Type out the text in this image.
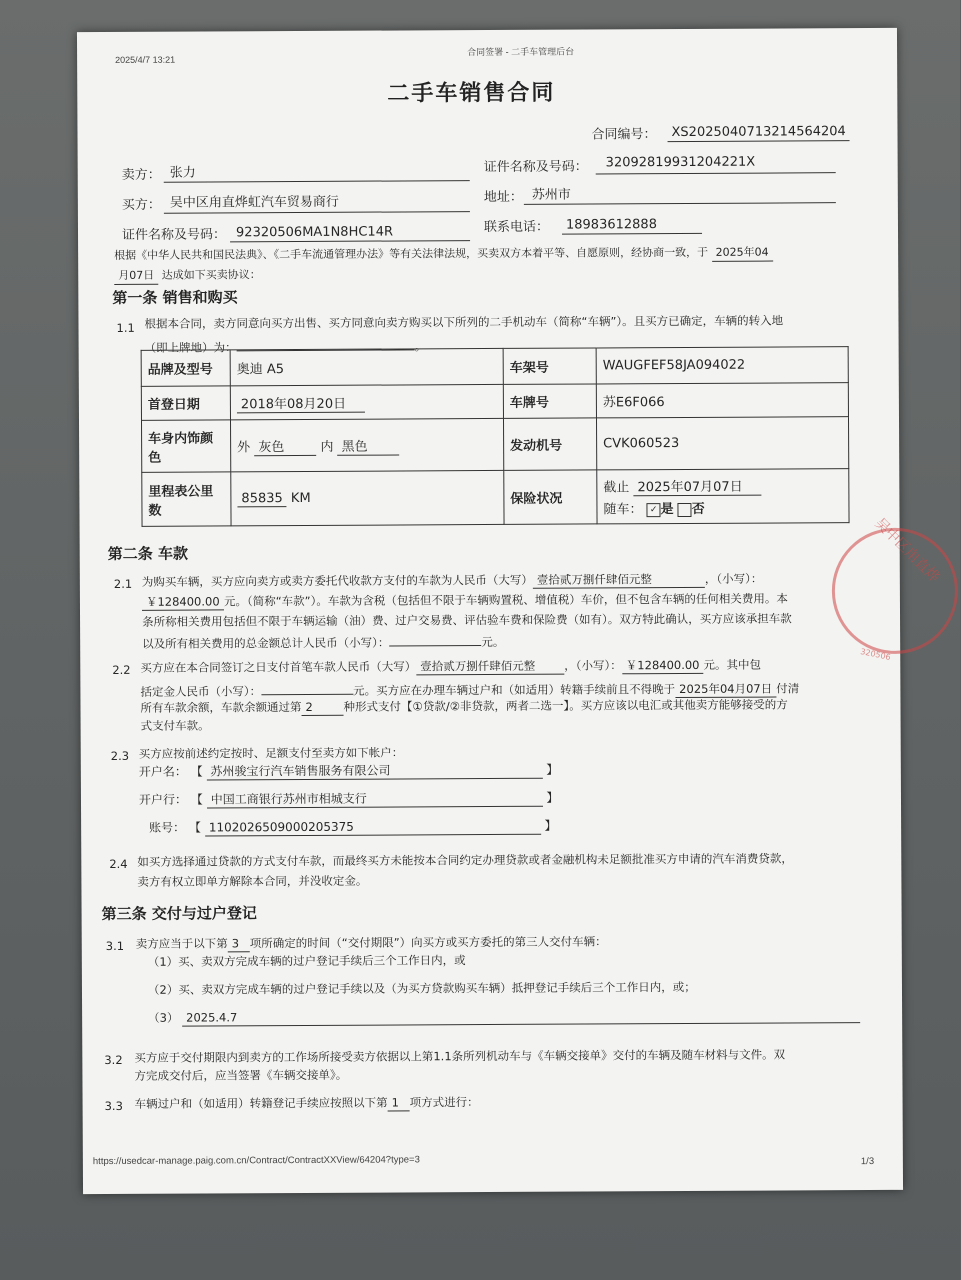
2025/4/7 13:21
合同签署 - 二手车管理后台
二手车销售合同
合同编号：	XS2025040713214564204
卖方： 张力	证件名称及号码： 32092819931204221X
买方： 吴中区甪直烨虹汽车贸易商行	地址： 苏州市
证件名称及号码： 92320506MA1N8HC14R	联系电话： 18983612888
根据《中华人民共和国民法典》、《二手车流通管理办法》等有关法律法规，买卖双方本着平等、自愿原则，经协商一致，于 2025年04
月07日 达成如下买卖协议：
第一条 销售和购买
1.1 根据本合同，卖方同意向买方出售、买方同意向卖方购买以下所列的二手机动车（简称“车辆”）。且买方已确定，车辆的转入地
（即上牌地）为：	。
品牌及型号	奥迪 A5	车架号	WAUGFEF58JA094022
首登日期	2018年08月20日	车牌号	苏E6F066
车身内饰颜色	外 灰色 内 黑色	发动机号	CVK060523
里程表公里数	85835 KM	保险状况	截止 2025年07月07日
随车： ✓ 是 否
第二条 车款
2.1 为购买车辆，买方应向卖方或卖方委托代收款方支付的车款为人民币（大写） 壹拾贰万捌仟肆佰元整	，（小写）：
￥128400.00 元。（简称“车款”）。车款为含税（包括但不限于车辆购置税、增值税）车价，但不包含车辆的任何相关费用。本
条所称相关费用包括但不限于车辆运输（油）费、过户交易费、评估验车费和保险费（如有）。双方特此确认，买方应该承担车款
以及所有相关费用的总金额总计人民币（小写）：	元。
2.2 买方应在本合同签订之日支付首笔车款人民币（大写） 壹拾贰万捌仟肆佰元整	，（小写）： ￥128400.00 元。其中包
括定金人民币（小写）：	元。买方应在办理车辆过户和（如适用）转籍手续前且不得晚于 2025年04月07日 付清
所有车款余额，车款余额通过第 2	种形式支付【①贷款/②非贷款，两者二选一】。买方应该以电汇或其他卖方能够接受的方
式支付车款。
2.3 买方应按前述约定按时、足额支付至卖方如下帐户：
开户名： 【 苏州骏宝行汽车销售服务有限公司	】
开户行： 【 中国工商银行苏州市相城支行	】
账号： 【 1102026509000205375	】
2.4 如买方选择通过贷款的方式支付车款，而最终买方未能按本合同约定办理贷款或者金融机构未足额批准买方申请的汽车消费贷款，
卖方有权立即单方解除本合同，并没收定金。
第三条 交付与过户登记
3.1 卖方应当于以下第 3 项所确定的时间（“交付期限”）向买方或买方委托的第三人交付车辆：
（1）买、卖双方完成车辆的过户登记手续后三个工作日内，或
（2）买、卖双方完成车辆的过户登记手续以及（为买方贷款购买车辆）抵押登记手续后三个工作日内，或；
（3） 2025.4.7
3.2 买方应于交付期限内到卖方的工作场所接受卖方依据以上第1.1条所列机动车与《车辆交接单》交付的车辆及随车材料与文件。双
方完成交付后，应当签署《车辆交接单》。
3.3 车辆过户和（如适用）转籍登记手续应按照以下第 1 项方式进行：
https://usedcar-manage.paig.com.cn/Contract/ContractXXView/64204?type=3	1/3
吴中区甪直烨
320506
